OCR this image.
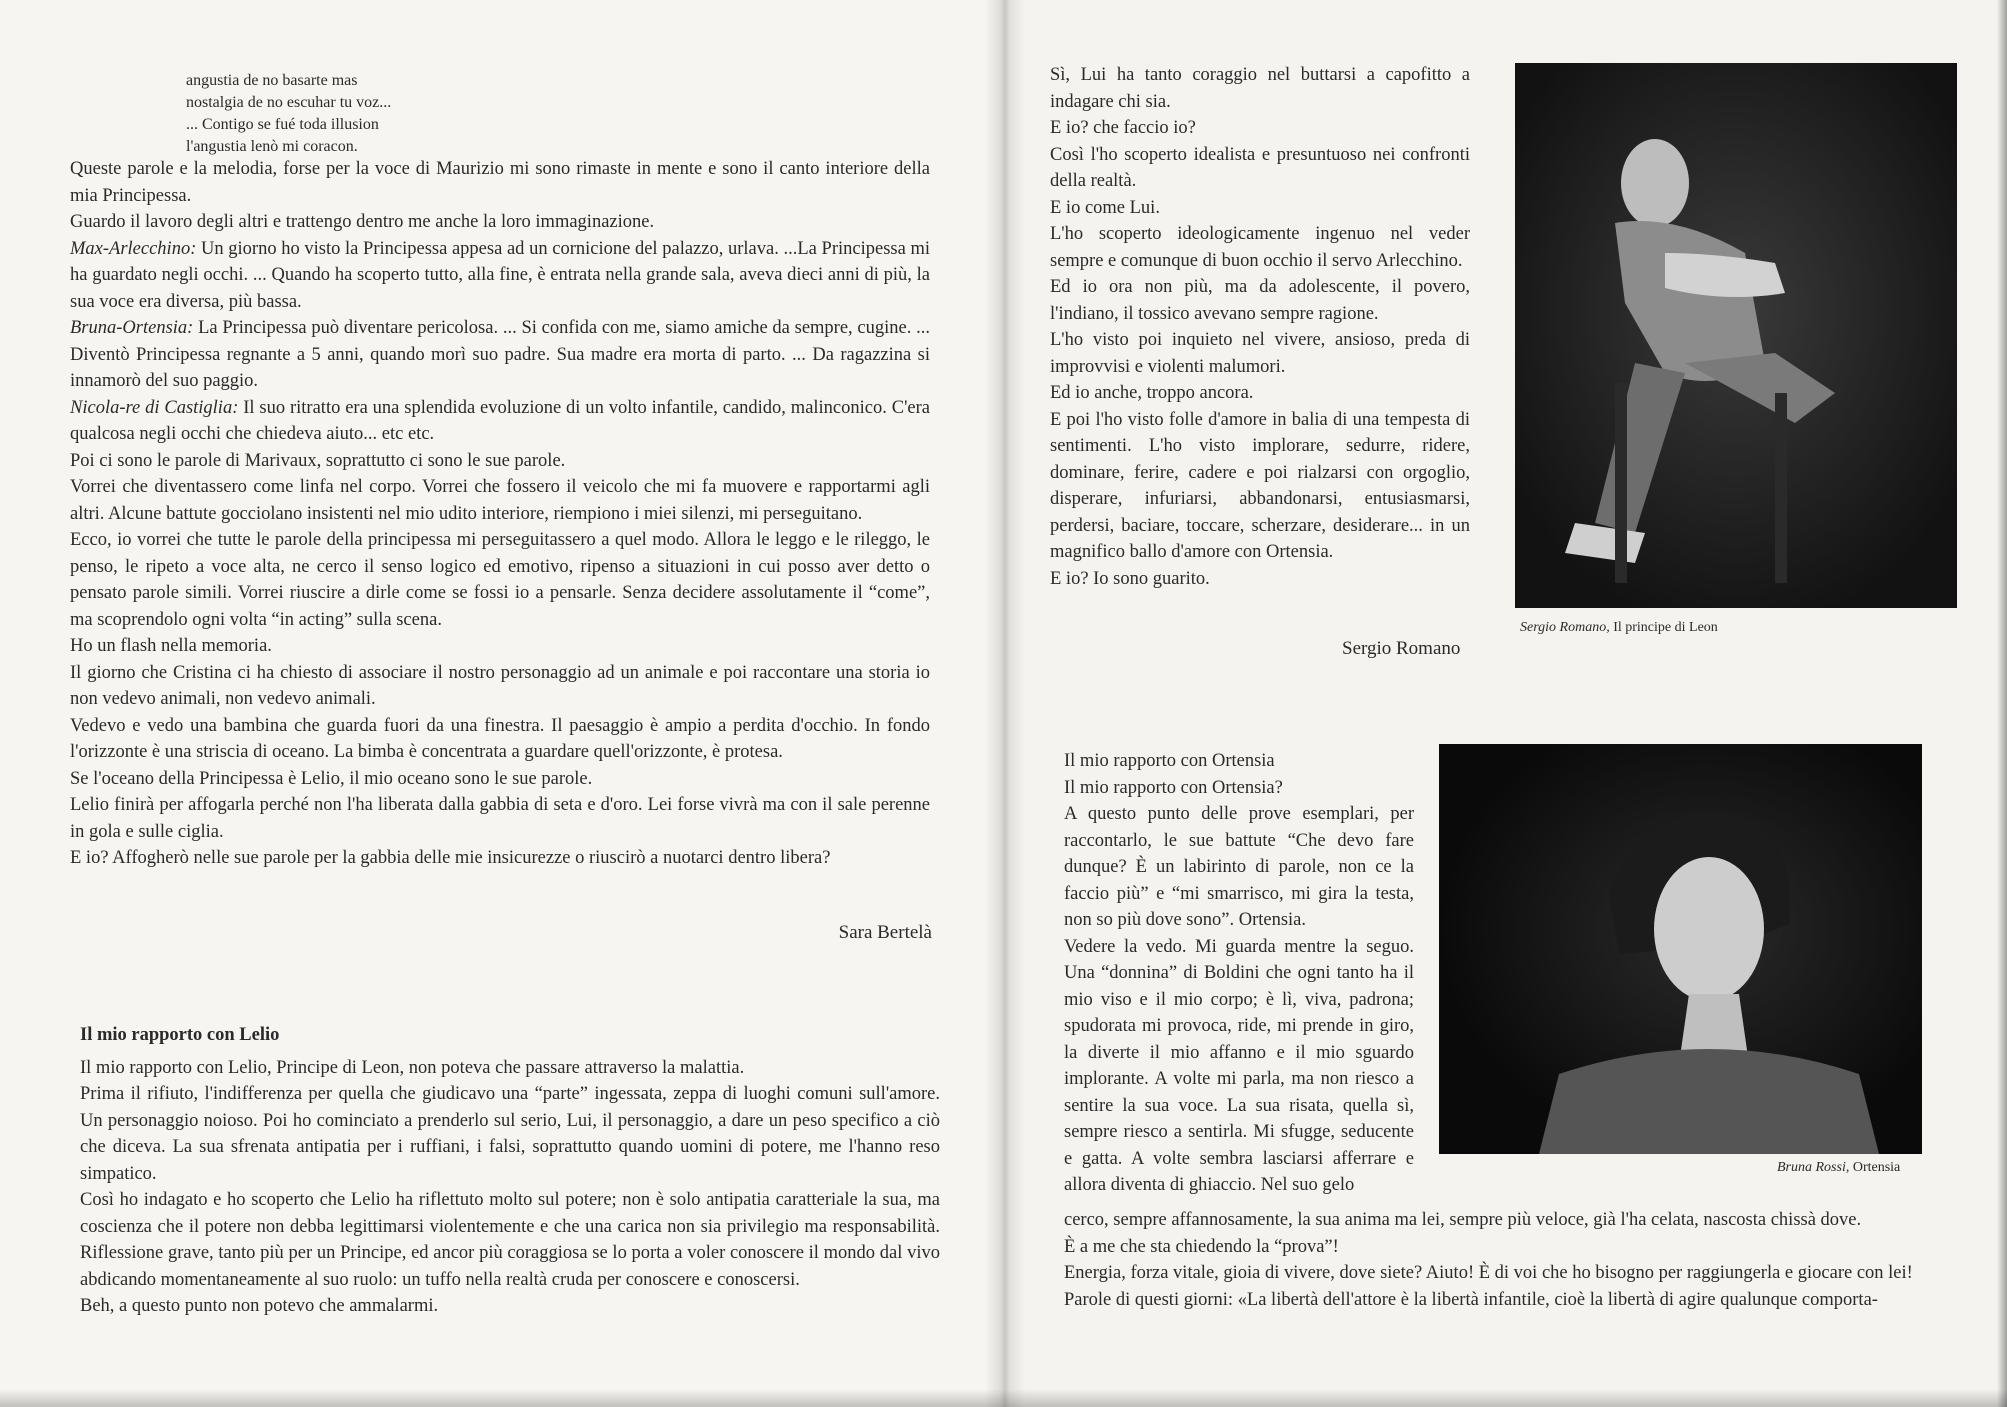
angustia de no basarte mas
nostalgia de no escuhar tu voz...
... Contigo se fué toda illusion
l'angustia lenò mi coracon.

Queste parole e la melodia, forse per la voce di Maurizio mi sono rimaste in mente e sono il canto interiore della mia Principessa.

Guardo il lavoro degli altri e trattengo dentro me anche la loro immaginazione.

Max-Arlecchino: Un giorno ho visto la Principessa appesa ad un cornicione del palazzo, urlava. ...La Principessa mi ha guardato negli occhi. ... Quando ha scoperto tutto, alla fine, è entrata nella grande sala, aveva dieci anni di più, la sua voce era diversa, più bassa.

Bruna-Ortensia: La Principessa può diventare pericolosa. ... Si confida con me, siamo amiche da sempre, cugine. ... Diventò Principessa regnante a 5 anni, quando morì suo padre. Sua madre era morta di parto. ... Da ragazzina si innamorò del suo paggio.

Nicola-re di Castiglia: Il suo ritratto era una splendida evoluzione di un volto infantile, candido, malinconico. C'era qualcosa negli occhi che chiedeva aiuto... etc etc.

Poi ci sono le parole di Marivaux, soprattutto ci sono le sue parole.

Vorrei che diventassero come linfa nel corpo. Vorrei che fossero il veicolo che mi fa muovere e rapportarmi agli altri. Alcune battute gocciolano insistenti nel mio udito interiore, riempiono i miei silenzi, mi perseguitano.

Ecco, io vorrei che tutte le parole della principessa mi perseguitassero a quel modo. Allora le leggo e le rileggo, le penso, le ripeto a voce alta, ne cerco il senso logico ed emotivo, ripenso a situazioni in cui posso aver detto o pensato parole simili. Vorrei riuscire a dirle come se fossi io a pensarle. Senza decidere assolutamente il “come”, ma scoprendolo ogni volta “in acting” sulla scena.

Ho un flash nella memoria.

Il giorno che Cristina ci ha chiesto di associare il nostro personaggio ad un animale e poi raccontare una storia io non vedevo animali, non vedevo animali.

Vedevo e vedo una bambina che guarda fuori da una finestra. Il paesaggio è ampio a perdita d'occhio. In fondo l'orizzonte è una striscia di oceano. La bimba è concentrata a guardare quell'orizzonte, è protesa.

Se l'oceano della Principessa è Lelio, il mio oceano sono le sue parole.

Lelio finirà per affogarla perché non l'ha liberata dalla gabbia di seta e d'oro. Lei forse vivrà ma con il sale perenne in gola e sulle ciglia.

E io? Affogherò nelle sue parole per la gabbia delle mie insicurezze o riuscirò a nuotarci dentro libera?

Sara Bertelà

Il mio rapporto con Lelio

Il mio rapporto con Lelio, Principe di Leon, non poteva che passare attraverso la malattia.

Prima il rifiuto, l'indifferenza per quella che giudicavo una “parte” ingessata, zeppa di luoghi comuni sull'amore. Un personaggio noioso. Poi ho cominciato a prenderlo sul serio, Lui, il personaggio, a dare un peso specifico a ciò che diceva. La sua sfrenata antipatia per i ruffiani, i falsi, soprattutto quando uomini di potere, me l'hanno reso simpatico.

Così ho indagato e ho scoperto che Lelio ha riflettuto molto sul potere; non è solo antipatia caratteriale la sua, ma coscienza che il potere non debba legittimarsi violentemente e che una carica non sia privilegio ma responsabilità. Riflessione grave, tanto più per un Principe, ed ancor più coraggiosa se lo porta a voler conoscere il mondo dal vivo abdicando momentaneamente al suo ruolo: un tuffo nella realtà cruda per conoscere e conoscersi.

Beh, a questo punto non potevo che ammalarmi.

Sì, Lui ha tanto coraggio nel buttarsi a capofitto a indagare chi sia.

E io? che faccio io?

Così l'ho scoperto idealista e presuntuoso nei confronti della realtà.

E io come Lui.

L'ho scoperto ideologicamente ingenuo nel veder sempre e comunque di buon occhio il servo Arlecchino.

Ed io ora non più, ma da adolescente, il povero, l'indiano, il tossico avevano sempre ragione.

L'ho visto poi inquieto nel vivere, ansioso, preda di improvvisi e violenti malumori.

Ed io anche, troppo ancora.

E poi l'ho visto folle d'amore in balia di una tempesta di sentimenti. L'ho visto implorare, sedurre, ridere, dominare, ferire, cadere e poi rialzarsi con orgoglio, disperare, infuriarsi, abbandonarsi, entusiasmarsi, perdersi, baciare, toccare, scherzare, desiderare... in un magnifico ballo d'amore con Ortensia.

E io? Io sono guarito.

Sergio Romano
Sergio Romano, Il principe di Leon

Il mio rapporto con Ortensia

Il mio rapporto con Ortensia?

A questo punto delle prove esemplari, per raccontarlo, le sue battute “Che devo fare dunque? È un labirinto di parole, non ce la faccio più” e “mi smarrisco, mi gira la testa, non so più dove sono”. Ortensia.

Vedere la vedo. Mi guarda mentre la seguo. Una “donnina” di Boldini che ogni tanto ha il mio viso e il mio corpo; è lì, viva, padrona; spudorata mi provoca, ride, mi prende in giro, la diverte il mio affanno e il mio sguardo implorante. A volte mi parla, ma non riesco a sentire la sua voce. La sua risata, quella sì, sempre riesco a sentirla. Mi sfugge, seducente e gatta. A volte sembra lasciarsi afferrare e allora diventa di ghiaccio. Nel suo gelo

cerco, sempre affannosamente, la sua anima ma lei, sempre più veloce, già l'ha celata, nascosta chissà dove.

È a me che sta chiedendo la “prova”!

Energia, forza vitale, gioia di vivere, dove siete? Aiuto! È di voi che ho bisogno per raggiungerla e giocare con lei!

Parole di questi giorni: «La libertà dell'attore è la libertà infantile, cioè la libertà di agire qualunque comporta-

Bruna Rossi, Ortensia
